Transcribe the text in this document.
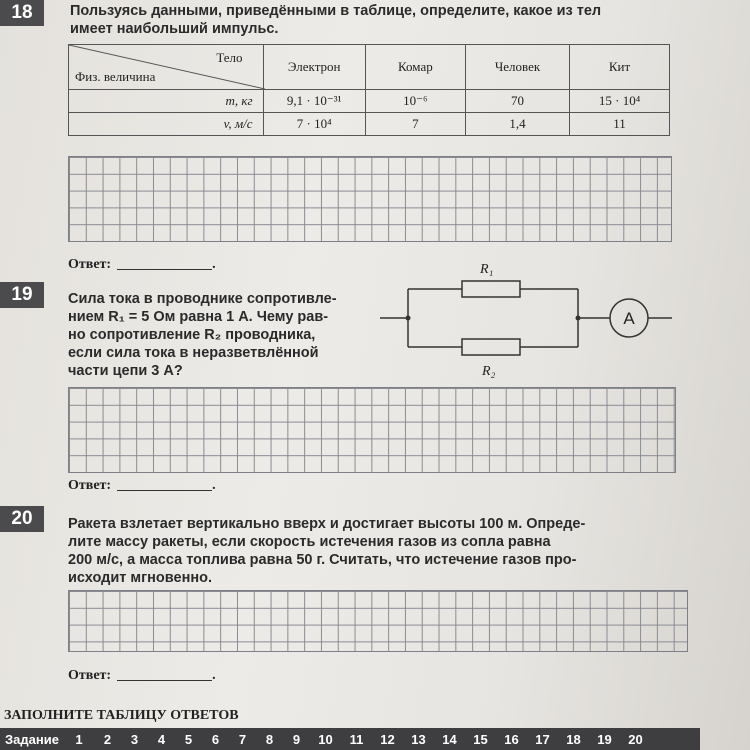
18	Пользуясь данными, приведёнными в таблице, определите, какое из тел
имеет наибольший импульс.
Тело
Физ. величина	Электрон	Комар	Человек	Кит
m, кг	9,1 · 10⁻³¹	10⁻⁶	70	15 · 10⁴
v, м/с	7 · 10⁴	7	1,4	11
Ответ:	.
19	Сила тока в проводнике сопротивле-
нием R₁ = 5 Ом равна 1 А. Чему рав-
но сопротивление R₂ проводника,
если сила тока в неразветвлённой
части цепи 3 А?
R₁
R₂
A
Ответ:	.
20	Ракета взлетает вертикально вверх и достигает высоты 100 м. Опреде-
лите массу ракеты, если скорость истечения газов из сопла равна
200 м/с, а масса топлива равна 50 г. Считать, что истечение газов про-
исходит мгновенно.
Ответ:	.
ЗАПОЛНИТЕ ТАБЛИЦУ ОТВЕТОВ
Задание	1	2	3	4	5	6	7	8	9	10	11	12	13	14	15	16	17	18	19	20
